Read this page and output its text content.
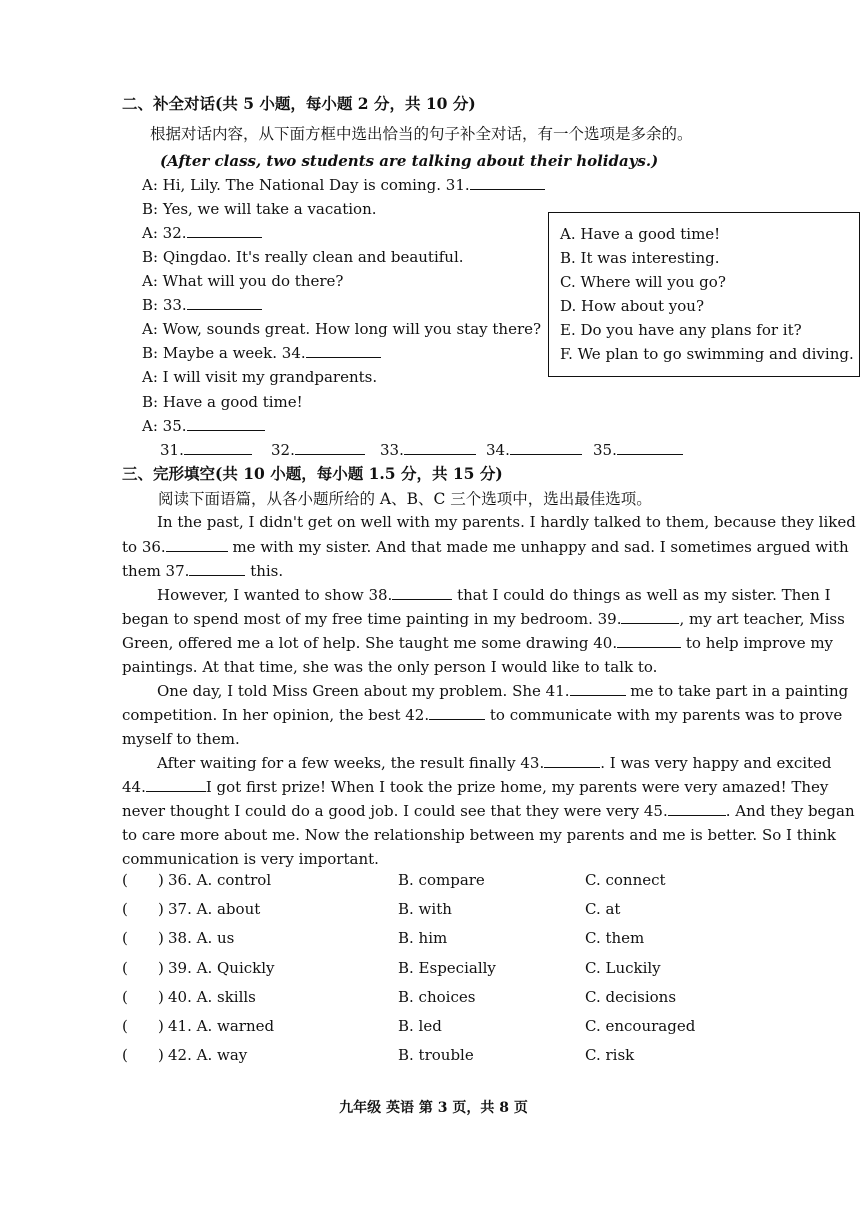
二、补全对话(共 5 小题，每小题 2 分，共 10 分)
根据对话内容，从下面方框中选出恰当的句子补全对话，有一个选项是多余的。
(After class, two students are talking about their holidays.)
A: Hi, Lily. The National Day is coming. 31.
B: Yes, we will take a vacation.
A: 32.
B: Qingdao. It's really clean and beautiful.
A: What will you do there?
B: 33.
A: Wow, sounds great. How long will you stay there?
B: Maybe a week. 34.
A: I will visit my grandparents.
B: Have a good time!
A: 35.
A. Have a good time!
B. It was interesting.
C. Where will you go?
D. How about you?
E. Do you have any plans for it?
F. We plan to go swimming and diving.
31.	32.	33.	34.	35.
三、完形填空(共 10 小题，每小题 1.5 分，共 15 分)
阅读下面语篇，从各小题所给的 A、B、C 三个选项中，选出最佳选项。
In the past, I didn't get on well with my parents. I hardly talked to them, because they liked
to 36.	me with my sister. And that made me unhappy and sad. I sometimes argued with
them 37.	this.
However, I wanted to show 38.	that I could do things as well as my sister. Then I
began to spend most of my free time painting in my bedroom. 39.	, my art teacher, Miss
Green, offered me a lot of help. She taught me some drawing 40.	to help improve my
paintings. At that time, she was the only person I would like to talk to.
One day, I told Miss Green about my problem. She 41.	me to take part in a painting
competition. In her opinion, the best 42.	to communicate with my parents was to prove
myself to them.
After waiting for a few weeks, the result finally 43.	. I was very happy and excited
44.	I got first prize! When I took the prize home, my parents were very amazed! They
never thought I could do a good job. I could see that they were very 45.	. And they began
to care more about me. Now the relationship between my parents and me is better. So I think
communication is very important.
( ) 36. A. control	B. compare	C. connect
( ) 37. A. about	B. with	C. at
( ) 38. A. us	B. him	C. them
( ) 39. A. Quickly	B. Especially	C. Luckily
( ) 40. A. skills	B. choices	C. decisions
( ) 41. A. warned	B. led	C. encouraged
( ) 42. A. way	B. trouble	C. risk
九年级 英语 第 3 页，共 8 页
